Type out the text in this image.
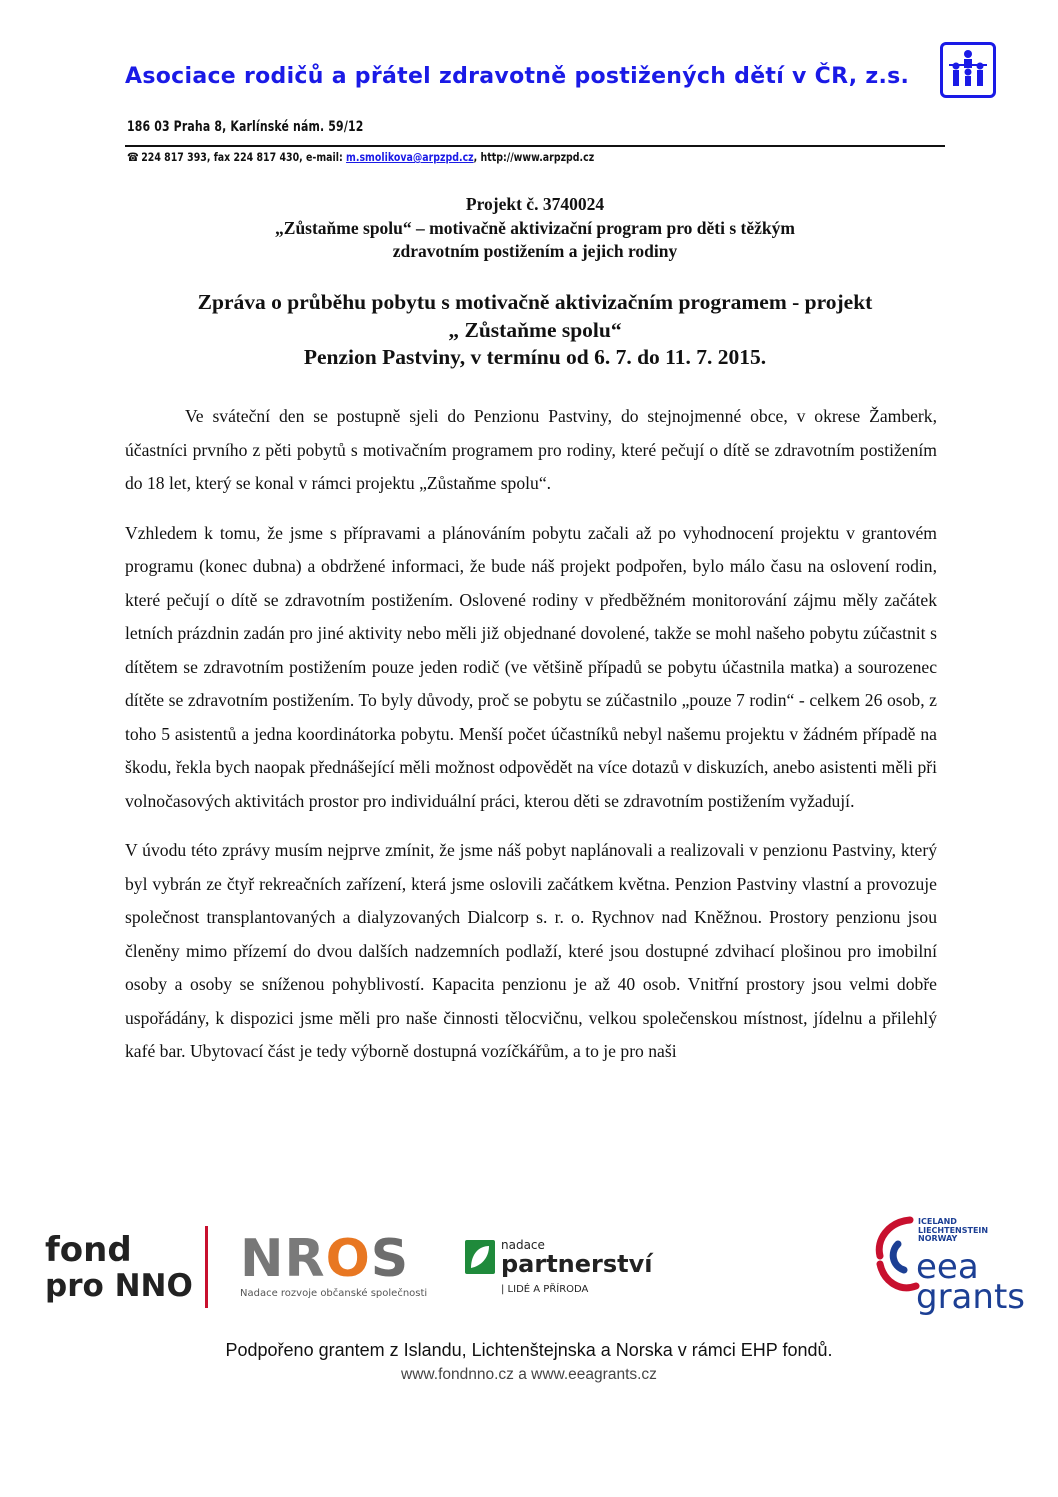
Asociace rodičů a přátel zdravotně postižených dětí v ČR, z.s.
186 03 Praha 8, Karlínské nám. 59/12
☎ 224 817 393, fax 224 817 430, e-mail: m.smolikova@arpzpd.cz, http://www.arpzpd.cz
Projekt č. 3740024
„Zůstaňme spolu“ – motivačně aktivizační program pro děti s těžkým
zdravotním postižením a jejich rodiny
Zpráva o průběhu pobytu s motivačně aktivizačním programem - projekt
„ Zůstaňme spolu“
Penzion Pastviny, v termínu od 6. 7. do 11. 7. 2015.

Ve sváteční den se postupně sjeli do Penzionu Pastviny, do stejnojmenné obce, v okrese Žamberk, účastníci prvního z pěti pobytů s motivačním programem pro rodiny, které pečují o dítě se zdravotním postižením do 18 let, který se konal v rámci projektu „Zůstaňme spolu“.

Vzhledem k tomu, že jsme s přípravami a plánováním pobytu začali až po vyhodnocení projektu v grantovém programu (konec dubna) a obdržené informaci, že bude náš projekt podpořen, bylo málo času na oslovení rodin, které pečují o dítě se zdravotním postižením. Oslovené rodiny v předběžném monitorování zájmu měly začátek letních prázdnin zadán pro jiné aktivity nebo měli již objednané dovolené, takže se mohl našeho pobytu zúčastnit s dítětem se zdravotním postižením pouze jeden rodič (ve většině případů se pobytu účastnila matka) a sourozenec dítěte se zdravotním postižením. To byly důvody, proč se pobytu se zúčastnilo „pouze 7 rodin“ - celkem 26 osob, z toho 5 asistentů a jedna koordinátorka pobytu. Menší počet účastníků nebyl našemu projektu v žádném případě na škodu, řekla bych naopak přednášející měli možnost odpovědět na více dotazů v diskuzích, anebo asistenti měli při volnočasových aktivitách prostor pro individuální práci, kterou děti se zdravotním postižením vyžadují.

V úvodu této zprávy musím nejprve zmínit, že jsme náš pobyt naplánovali a realizovali v penzionu Pastviny, který byl vybrán ze čtyř rekreačních zařízení, která jsme oslovili začátkem května. Penzion Pastviny vlastní a provozuje společnost transplantovaných a dialyzovaných Dialcorp s. r. o. Rychnov nad Kněžnou. Prostory penzionu jsou členěny mimo přízemí do dvou dalších nadzemních podlaží, které jsou dostupné zdvihací plošinou pro imobilní osoby a osoby se sníženou pohyblivostí. Kapacita penzionu je až 40 osob. Vnitřní prostory jsou velmi dobře uspořádány, k dispozici jsme měli pro naše činnosti tělocvičnu, velkou společenskou místnost, jídelnu a přilehlý kafé bar. Ubytovací část je tedy výborně dostupná vozíčkářům, a to je pro naši

fond
pro NNO NROS
Nadace rozvoje občanské společnosti
nadace
partnerství
| LIDÉ A PŘÍRODA
ICELAND
LIECHTENSTEIN
NORWAY
eea
grants
Podpořeno grantem z Islandu, Lichtenštejnska a Norska v rámci EHP fondů.
www.fondnno.cz a www.eeagrants.cz
